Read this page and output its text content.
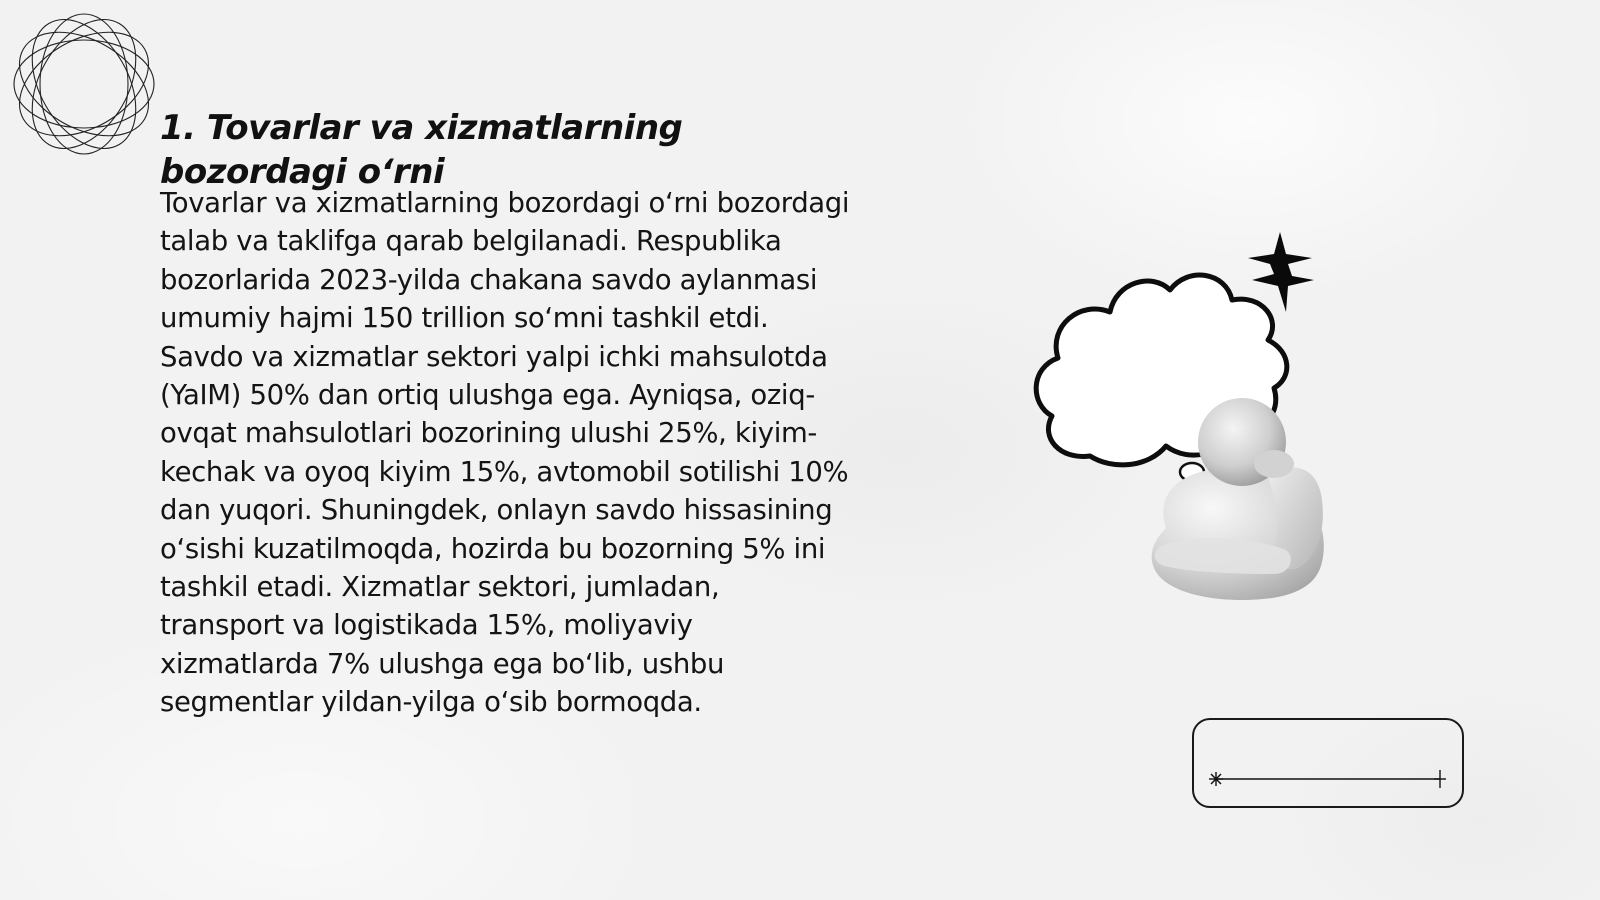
1. Tovarlar va xizmatlarning bozordagi o‘rni

Tovarlar va xizmatlarning bozordagi o‘rni bozordagi talab va taklifga qarab belgilanadi. Respublika bozorlarida 2023-yilda chakana savdo aylanmasi umumiy hajmi 150 trillion so‘mni tashkil etdi. Savdo va xizmatlar sektori yalpi ichki mahsulotda (YaIM) 50% dan ortiq ulushga ega. Ayniqsa, oziq-ovqat mahsulotlari bozorining ulushi 25%, kiyim-kechak va oyoq kiyim 15%, avtomobil sotilishi 10% dan yuqori. Shuningdek, onlayn savdo hissasining o‘sishi kuzatilmoqda, hozirda bu bozorning 5% ini tashkil etadi. Xizmatlar sektori, jumladan, transport va logistikada 15%, moliyaviy xizmatlarda 7% ulushga ega bo‘lib, ushbu segmentlar yildan-yilga o‘sib bormoqda.
